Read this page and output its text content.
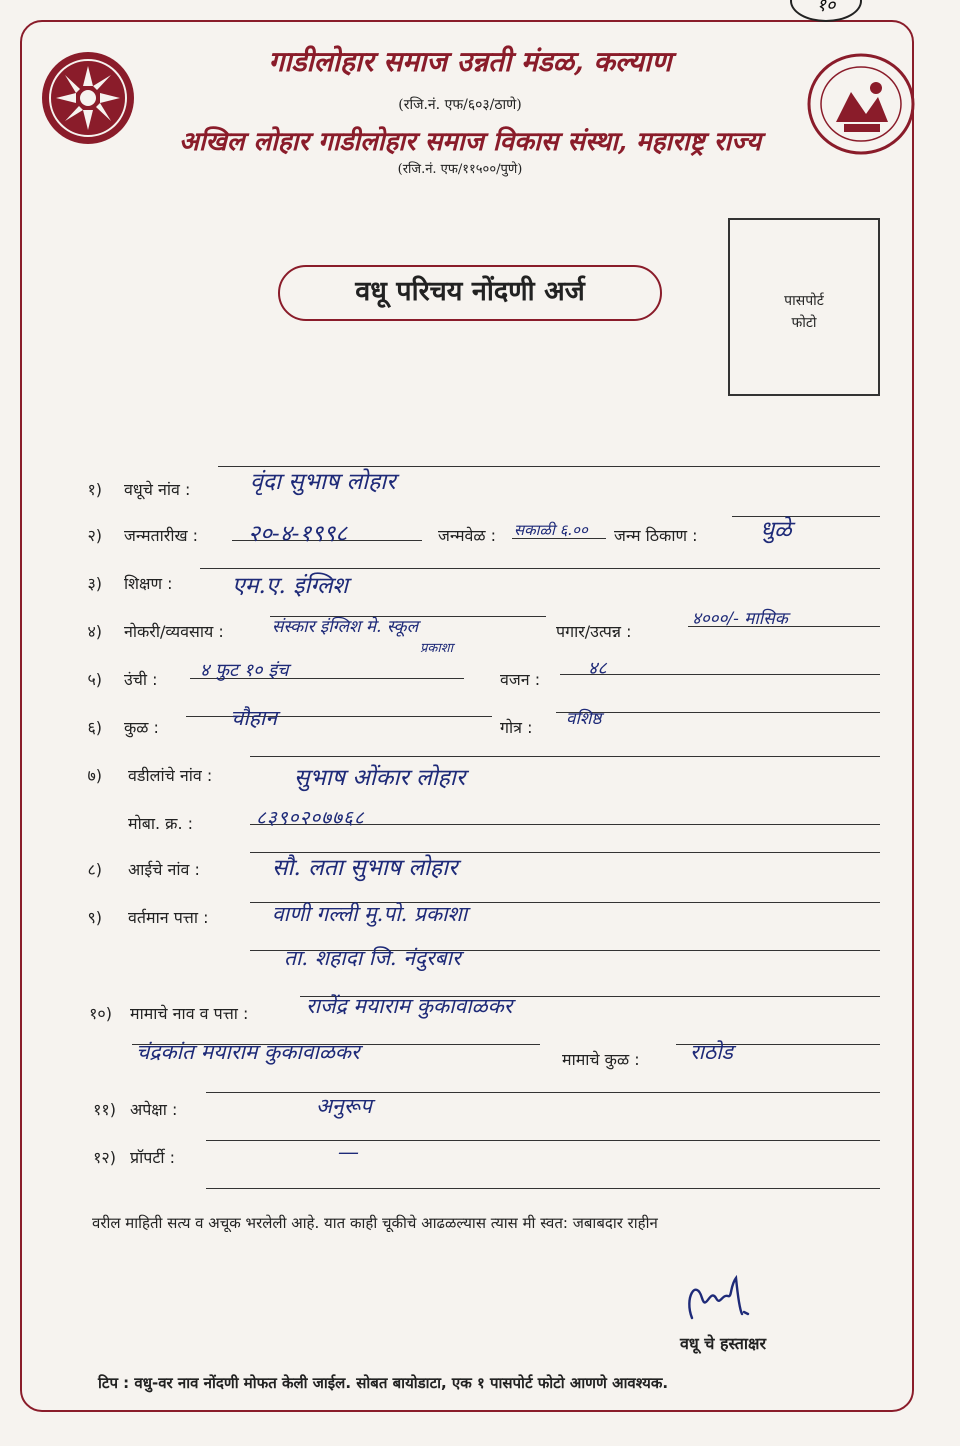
१०
गाडीलोहार समाज उन्नती मंडळ, कल्याण
(रजि.नं. एफ/६०३/ठाणे)
अखिल लोहार गाडीलोहार समाज विकास संस्था, महाराष्ट्र राज्य
(रजि.नं. एफ/११५००/पुणे)
वधू परिचय नोंदणी अर्ज	पासपोर्ट
फोटो
१) वधूचे नांव :	वृंदा सुभाष लोहार
२) जन्मतारीख : २०-४-१९९८	जन्मवेळ : सकाळी ६.०० जन्म ठिकाण :	धुळे
३) शिक्षण :	एम.ए. इंग्लिश
४) नोकरी/व्यवसाय :	संस्कार इंग्लिश मे. स्कूल
प्रकाशा
पगार/उत्पन्न :
४०००/- मासिक
५) उंची : ४ फुट १० इंच	वजन :
४८
६) कुळ :	चौहान	गोत्र : वशिष्ठ
७) वडीलांचे नांव :	सुभाष ओंकार लोहार
मोबा. क्र. :	८३९०२०७७६८
८) आईचे नांव :	सौ. लता सुभाष लोहार
९) वर्तमान पत्ता :	वाणी गल्ली मु.पो. प्रकाशा
ता. शहादा जि. नंदुरबार
१०) मामाचे नाव व पत्ता :	राजेंद्र मयाराम कुकावाळकर
चंद्रकांत मयाराम कुकावाळकर	मामाचे कुळ : राठोड
११) अपेक्षा :	अनुरूप
१२) प्रॉपर्टी :	—
वरील माहिती सत्य व अचूक भरलेली आहे. यात काही चूकीचे आढळल्यास त्यास मी स्वत: जबाबदार राहीन
वधू चे हस्ताक्षर
टिप : वधु-वर नाव नोंदणी मोफत केली जाईल. सोबत बायोडाटा, एक १ पासपोर्ट फोटो आणणे आवश्यक.
